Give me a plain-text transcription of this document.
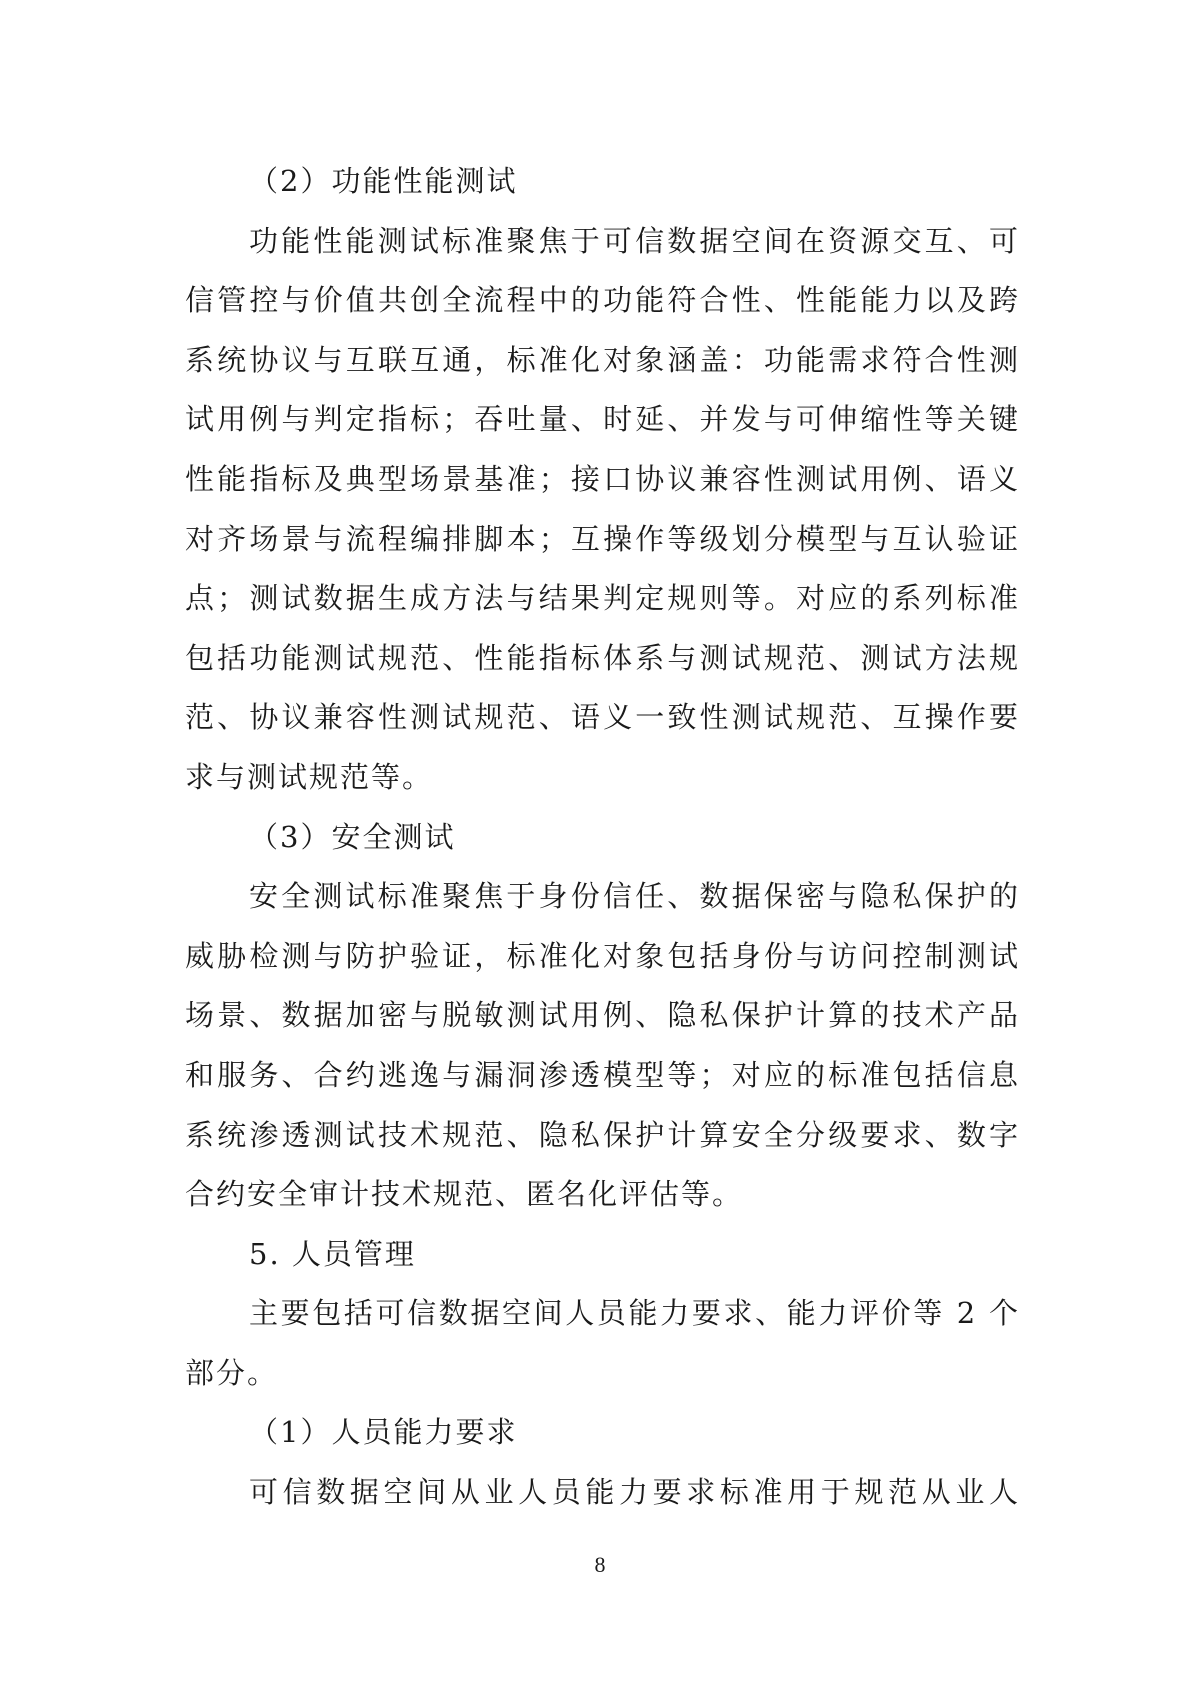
（2）功能性能测试
功能性能测试标准聚焦于可信数据空间在资源交互、可
信管控与价值共创全流程中的功能符合性、性能能力以及跨
系统协议与互联互通，标准化对象涵盖：功能需求符合性测
试用例与判定指标；吞吐量、时延、并发与可伸缩性等关键
性能指标及典型场景基准；接口协议兼容性测试用例、语义
对齐场景与流程编排脚本；互操作等级划分模型与互认验证
点；测试数据生成方法与结果判定规则等。对应的系列标准
包括功能测试规范、性能指标体系与测试规范、测试方法规
范、协议兼容性测试规范、语义一致性测试规范、互操作要
求与测试规范等。
（3）安全测试
安全测试标准聚焦于身份信任、数据保密与隐私保护的
威胁检测与防护验证，标准化对象包括身份与访问控制测试
场景、数据加密与脱敏测试用例、隐私保护计算的技术产品
和服务、合约逃逸与漏洞渗透模型等；对应的标准包括信息
系统渗透测试技术规范、隐私保护计算安全分级要求、数字
合约安全审计技术规范、匿名化评估等。
5. 人员管理
主要包括可信数据空间人员能力要求、能力评价等 2 个
部分。
（1）人员能力要求
可信数据空间从业人员能力要求标准用于规范从业人
8
